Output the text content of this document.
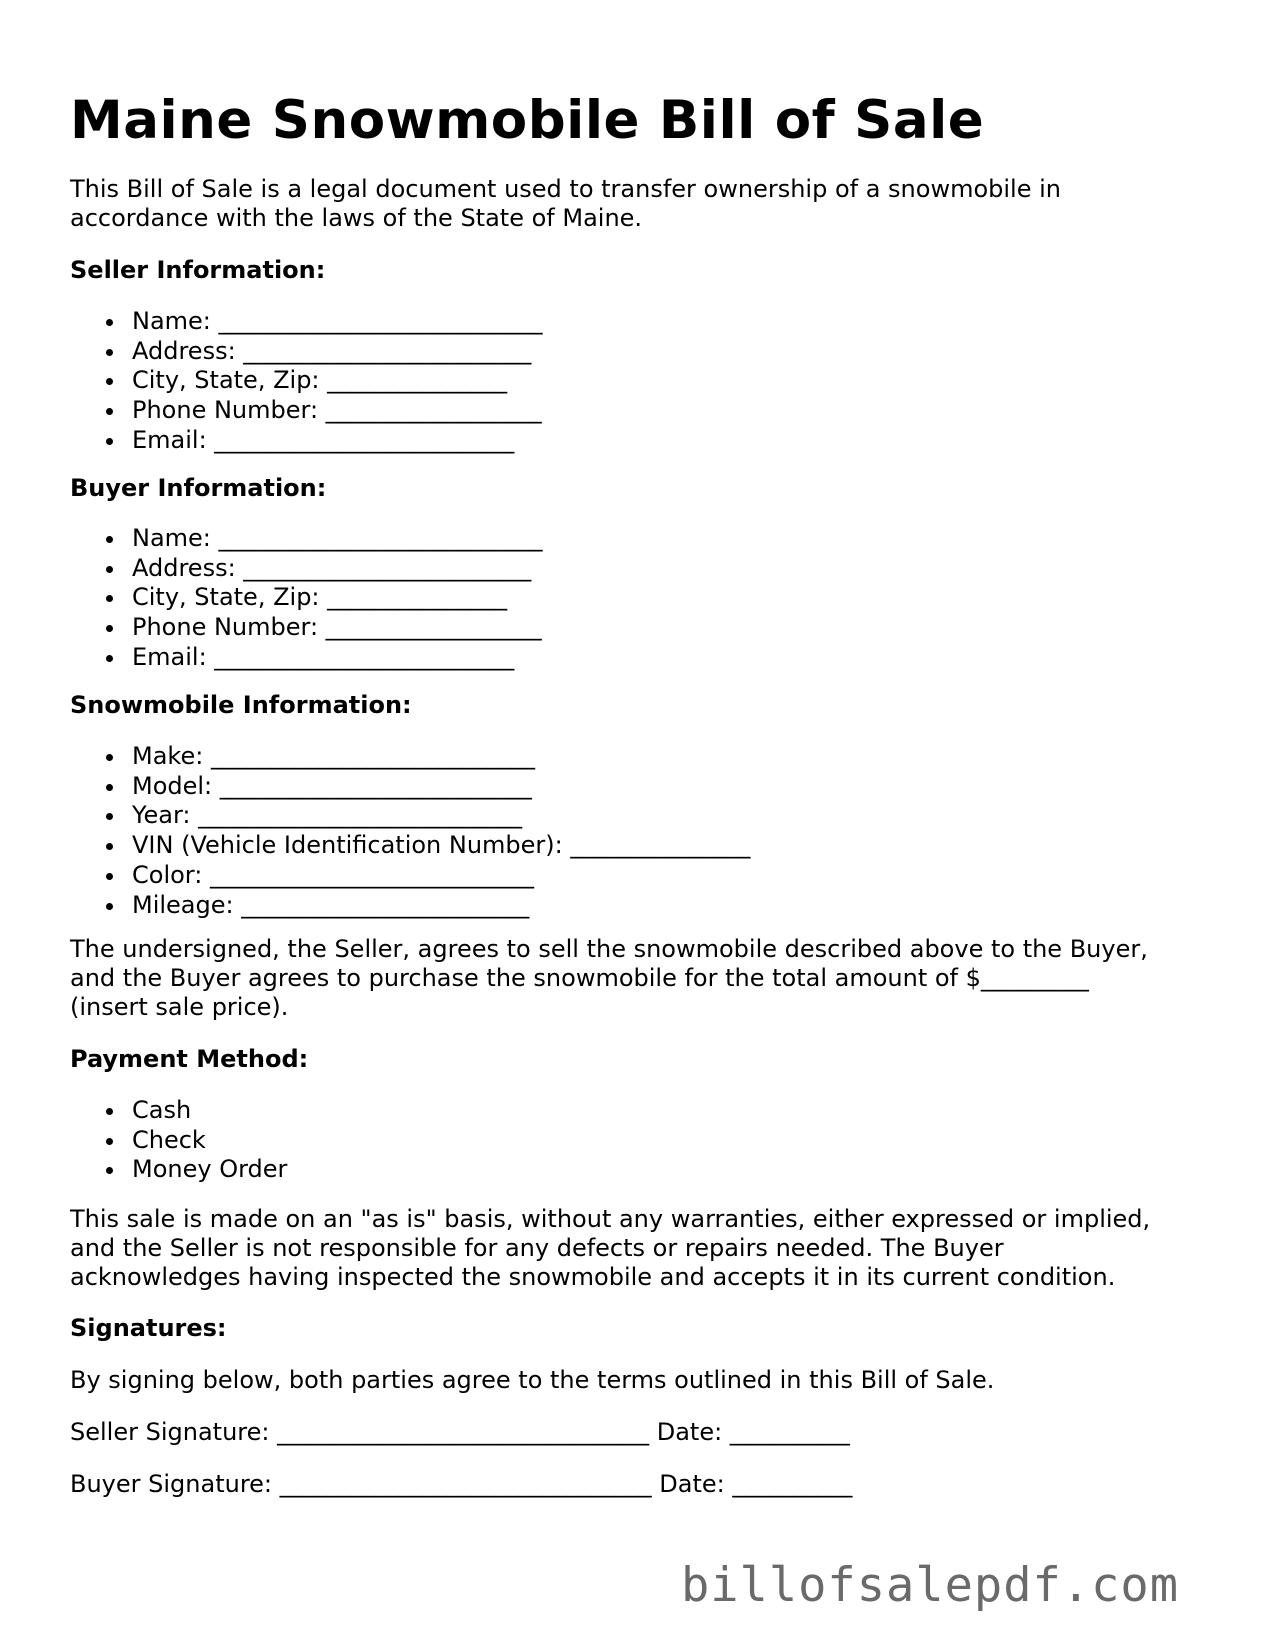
Maine Snowmobile Bill of Sale

This Bill of Sale is a legal document used to transfer ownership of a snowmobile in

accordance with the laws of the State of Maine.

Seller Information:

Name: ___________________________
Address: ________________________
City, State, Zip: _______________
Phone Number: __________________
Email: _________________________

Buyer Information:

Name: ___________________________
Address: ________________________
City, State, Zip: _______________
Phone Number: __________________
Email: _________________________

Snowmobile Information:

Make: ___________________________
Model: __________________________
Year: ___________________________
VIN (Vehicle Identification Number): _______________
Color: ___________________________
Mileage: ________________________

The undersigned, the Seller, agrees to sell the snowmobile described above to the Buyer,

and the Buyer agrees to purchase the snowmobile for the total amount of $_________

(insert sale price).

Payment Method:

Cash
Check
Money Order

This sale is made on an "as is" basis, without any warranties, either expressed or implied,

and the Seller is not responsible for any defects or repairs needed. The Buyer

acknowledges having inspected the snowmobile and accepts it in its current condition.

Signatures:

By signing below, both parties agree to the terms outlined in this Bill of Sale.

Seller Signature: _______________________________ Date: __________

Buyer Signature: _______________________________ Date: __________

billofsalepdf.com
